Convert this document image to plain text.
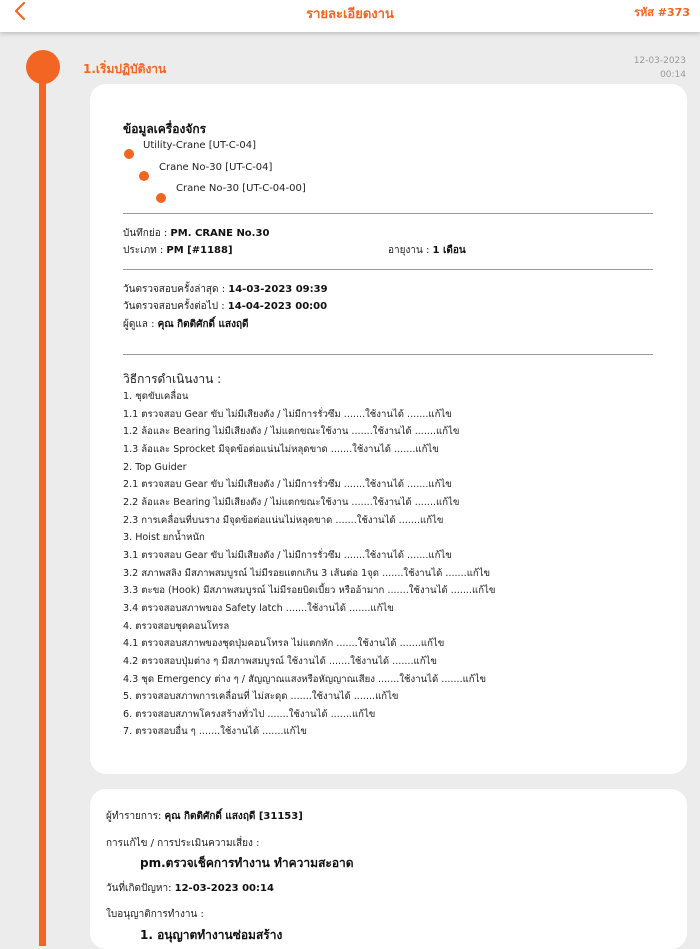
รายละเอียดงาน	รหัส #373
1.เริ่มปฏิบัติงาน
12-03-2023
00:14
ข้อมูลเครื่องจักร
Utility-Crane [UT-C-04]
Crane No-30 [UT-C-04]
Crane No-30 [UT-C-04-00]
บันทึกย่อ : PM. CRANE No.30
ประเภท : PM [#1188]	อายุงาน : 1 เดือน
วันตรวจสอบครั้งล่าสุด : 14-03-2023 09:39
วันตรวจสอบครั้งต่อไป : 14-04-2023 00:00
ผู้ดูแล : คุณ กิตติศักดิ์ แสงฤดี
วิธีการดำเนินงาน :
1. ชุดขับเคลื่อน
1.1 ตรวจสอบ Gear ขับ ไม่มีเสียงดัง / ไม่มีการรั่วซึม .......ใช้งานได้ .......แก้ไข
1.2 ล้อและ Bearing ไม่มีเสียงดัง / ไม่แตกขณะใช้งาน .......ใช้งานได้ .......แก้ไข
1.3 ล้อและ Sprocket มีจุดข้อต่อแน่นไม่หลุดขาด .......ใช้งานได้ .......แก้ไข
2. Top Guider
2.1 ตรวจสอบ Gear ขับ ไม่มีเสียงดัง / ไม่มีการรั่วซึม .......ใช้งานได้ .......แก้ไข
2.2 ล้อและ Bearing ไม่มีเสียงดัง / ไม่แตกขณะใช้งาน .......ใช้งานได้ .......แก้ไข
2.3 การเคลื่อนที่บนราง มีจุดข้อต่อแน่นไม่หลุดขาด .......ใช้งานได้ .......แก้ไข
3. Hoist ยกน้ำหนัก
3.1 ตรวจสอบ Gear ขับ ไม่มีเสียงดัง / ไม่มีการรั่วซึม .......ใช้งานได้ .......แก้ไข
3.2 สภาพสลิง มีสภาพสมบูรณ์ ไม่มีรอยแตกเกิน 3 เส้นต่อ 1จุด .......ใช้งานได้ .......แก้ไข
3.3 ตะขอ (Hook) มีสภาพสมบูรณ์ ไม่มีรอยบิดเบี้ยว หรืออ้ามาก .......ใช้งานได้ .......แก้ไข
3.4 ตรวจสอบสภาพของ Safety latch .......ใช้งานได้ .......แก้ไข
4. ตรวจสอบชุดคอนโทรล
4.1 ตรวจสอบสภาพของชุดปุ่มคอนโทรล ไม่แตกหัก .......ใช้งานได้ .......แก้ไข
4.2 ตรวจสอบปุ่มต่าง ๆ มีสภาพสมบูรณ์ ใช้งานได้ .......ใช้งานได้ .......แก้ไข
4.3 ชุด Emergency ต่าง ๆ / สัญญาณแสงหรือหัญญาณเสียง .......ใช้งานได้ .......แก้ไข
5. ตรวจสอบสภาพการเคลื่อนที่ ไม่สะดุด .......ใช้งานได้ .......แก้ไข
6. ตรวจสอบสภาพโครงสร้างทั่วไป .......ใช้งานได้ .......แก้ไข
7. ตรวจสอบอื่น ๆ .......ใช้งานได้ .......แก้ไข
ผู้ทำรายการ: คุณ กิตติศักดิ์ แสงฤดี [31153]
การแก้ไข / การประเมินความเสี่ยง :
pm.ตรวจเช็คการทำงาน ทำความสะอาด
วันที่เกิดปัญหา: 12-03-2023 00:14
ใบอนุญาติการทำงาน :
1. อนุญาตทำงานซ่อมสร้าง
